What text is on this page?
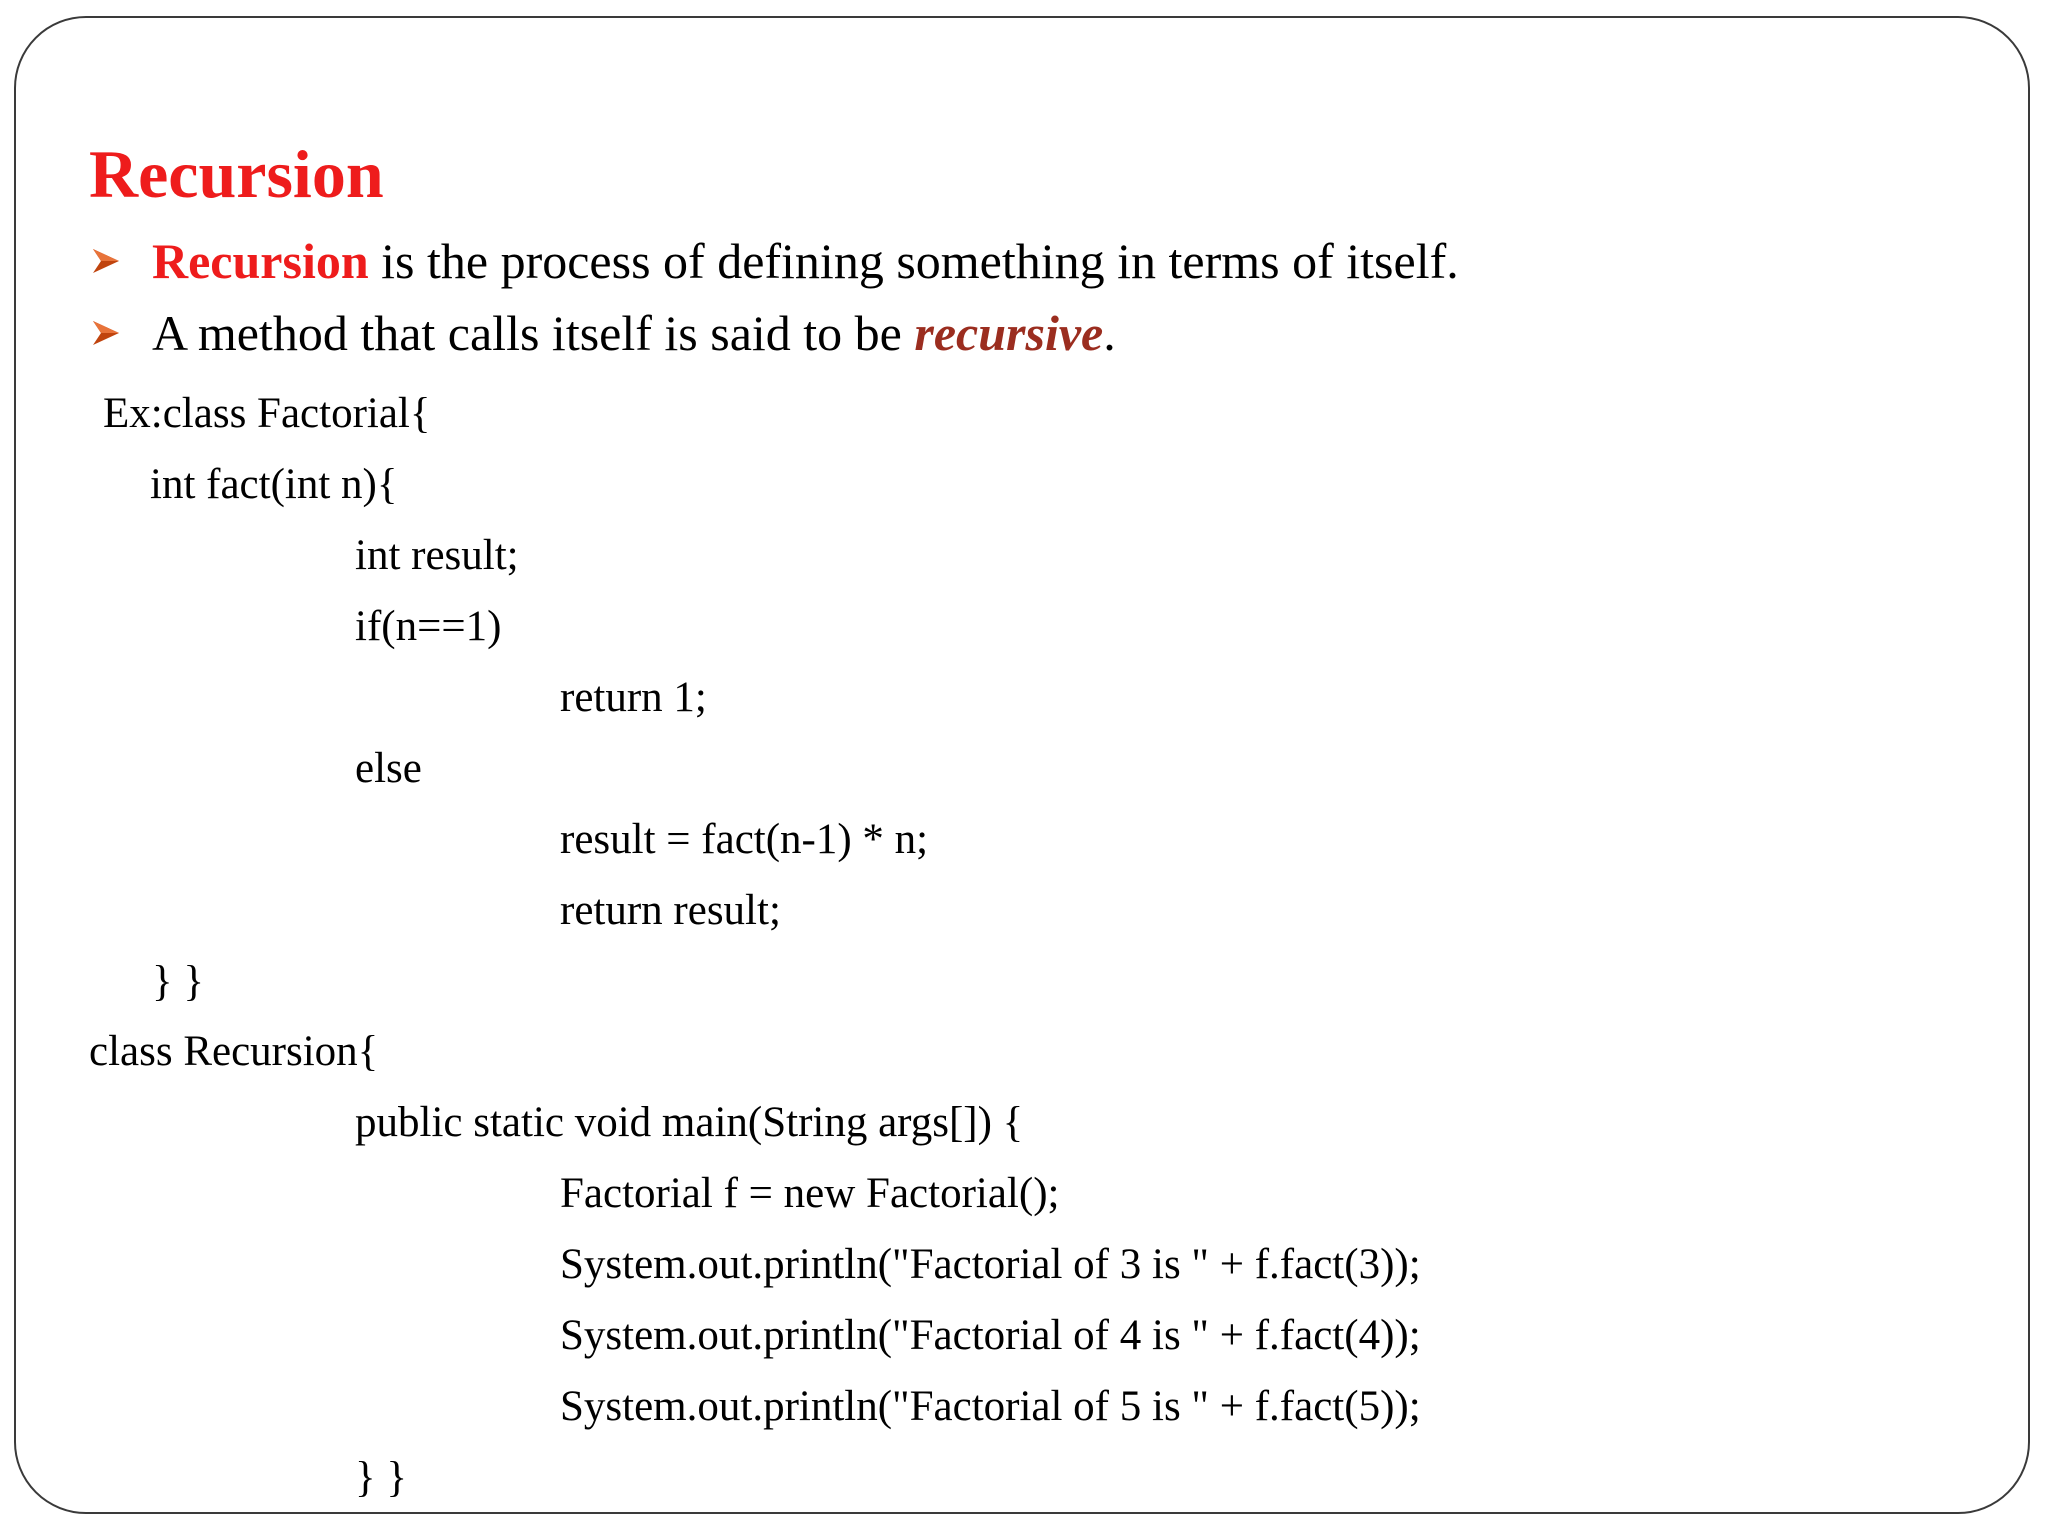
Recursion
Recursion is the process of defining something in terms of itself.
A method that calls itself is said to be recursive.
Ex:class Factorial{
int fact(int n){
int result;
if(n==1)
return 1;
else
result = fact(n-1) * n;
return result;
} }
class Recursion{
public static void main(String args[]) {
Factorial f = new Factorial();
System.out.println("Factorial of 3 is " + f.fact(3));
System.out.println("Factorial of 4 is " + f.fact(4));
System.out.println("Factorial of 5 is " + f.fact(5));
} }
